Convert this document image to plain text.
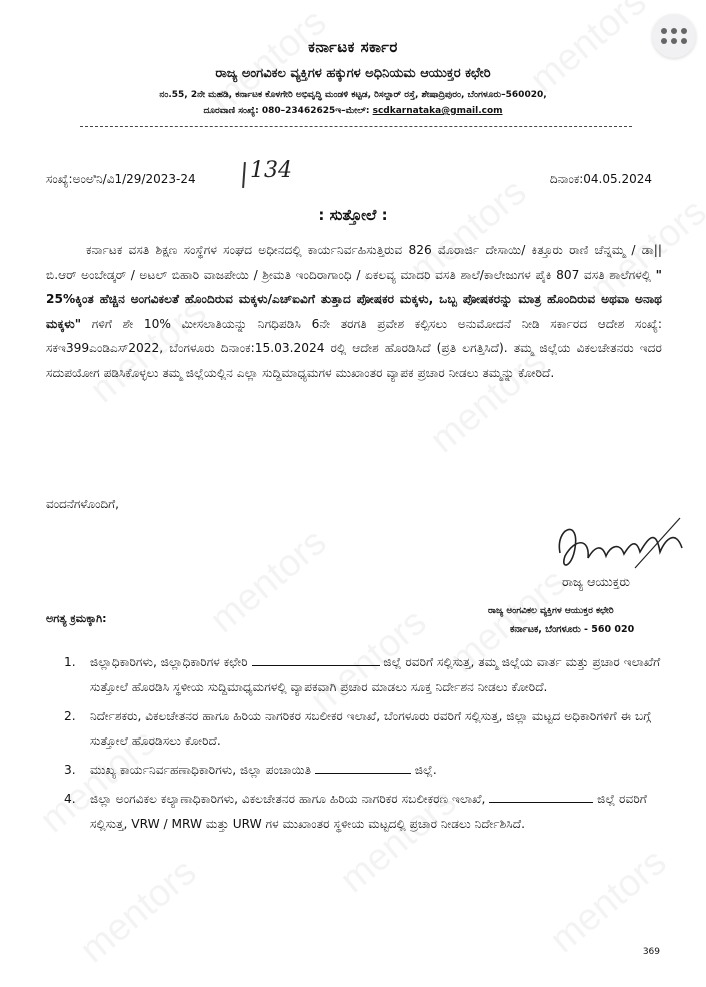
ಕರ್ನಾಟಕ ಸರ್ಕಾರ
ರಾಜ್ಯ ಅಂಗವಿಕಲ ವ್ಯಕ್ತಿಗಳ ಹಕ್ಕುಗಳ ಅಧಿನಿಯಮ ಆಯುಕ್ತರ ಕಛೇರಿ
ನಂ.55, 2ನೇ ಮಹಡಿ, ಕರ್ನಾಟಕ ಕೊಳಗೇರಿ ಅಭಿವೃದ್ಧಿ ಮಂಡಳಿ ಕಟ್ಟಡ, ರಿಸಲ್ದಾರ್ ರಸ್ತೆ, ಶೇಷಾದ್ರಿಪುರಂ, ಬೆಂಗಳೂರು–560020,
ದೂರವಾಣಿ ಸಂಖ್ಯೆ: 080–23462625ಇ–ಮೇಲ್: scdkarnataka@gmail.com
ಸಂಖ್ಯೆ:ಅಂಅಿನಿ/ವಿ1/29/2023-24 134	ದಿನಾಂಕ:04.05.2024
: ಸುತ್ತೋಲೆ :
ಕರ್ನಾಟಕ ವಸತಿ ಶಿಕ್ಷಣ ಸಂಸ್ಥೆಗಳ ಸಂಘದ ಅಧೀನದಲ್ಲಿ ಕಾರ್ಯನಿರ್ವಹಿಸುತ್ತಿರುವ 826 ಮೊರಾರ್ಜಿ ದೇಸಾಯಿ/ ಕಿತ್ತೂರು ರಾಣಿ ಚೆನ್ನಮ್ಮ / ಡಾ|| ಬಿ.ಆರ್ ಅಂಬೇಡ್ಕರ್ / ಅಟಲ್ ಬಿಹಾರಿ ವಾಜಪೇಯಿ / ಶ್ರೀಮತಿ ಇಂದಿರಾಗಾಂಧಿ / ಏಕಲವ್ಯ ಮಾದರಿ ವಸತಿ ಶಾಲೆ/ಕಾಲೇಜುಗಳ ಪೈಕಿ 807 ವಸತಿ ಶಾಲೆಗಳಲ್ಲಿ " 25%ಕ್ಕಿಂತ ಹೆಚ್ಚಿನ ಅಂಗವಿಕಲತೆ ಹೊಂದಿರುವ ಮಕ್ಕಳು/ಎಚ್‌ಐವಿಗೆ ತುತ್ತಾದ ಪೋಷಕರ ಮಕ್ಕಳು, ಒಬ್ಬ ಪೋಷಕರನ್ನು ಮಾತ್ರ ಹೊಂದಿರುವ ಅಥವಾ ಅನಾಥ ಮಕ್ಕಳು" ಗಳಿಗೆ ಶೇ 10% ಮೀಸಲಾತಿಯನ್ನು ನಿಗಧಿಪಡಿಸಿ 6ನೇ ತರಗತಿ ಪ್ರವೇಶ ಕಲ್ಪಿಸಲು ಅನುಮೋದನೆ ನೀಡಿ ಸರ್ಕಾರದ ಆದೇಶ ಸಂಖ್ಯೆ: ಸಕಇ399ಎಂಡಿಎಸ್2022, ಬೆಂಗಳೂರು ದಿನಾಂಕ:15.03.2024 ರಲ್ಲಿ ಆದೇಶ ಹೊರಡಿಸಿದೆ (ಪ್ರತಿ ಲಗತ್ತಿಸಿದೆ). ತಮ್ಮ ಜಿಲ್ಲೆಯ ವಿಕಲಚೇತನರು ಇದರ ಸದುಪಯೋಗ ಪಡಿಸಿಕೊಳ್ಳಲು ತಮ್ಮ ಜಿಲ್ಲೆಯಲ್ಲಿನ ಎಲ್ಲಾ ಸುದ್ದಿಮಾಧ್ಯಮಗಳ ಮುಖಾಂತರ ವ್ಯಾಪಕ ಪ್ರಚಾರ ನೀಡಲು ತಮ್ಮನ್ನು ಕೋರಿದೆ.
ವಂದನೆಗಳೊಂದಿಗೆ,
ರಾಜ್ಯ ಆಯುಕ್ತರು
ರಾಜ್ಯ ಅಂಗವಿಕಲ ವ್ಯಕ್ತಿಗಳ ಆಯುಕ್ತರ ಕಛೇರಿ
ಕರ್ನಾಟಕ, ಬೆಂಗಳೂರು - 560 020
ಅಗತ್ಯ ಕ್ರಮಕ್ಕಾಗಿ:
1. ಜಿಲ್ಲಾಧಿಕಾರಿಗಳು, ಜಿಲ್ಲಾಧಿಕಾರಿಗಳ ಕಛೇರಿ	ಜಿಲ್ಲೆ ರವರಿಗೆ ಸಲ್ಲಿಸುತ್ತ, ತಮ್ಮ ಜಿಲ್ಲೆಯ ವಾರ್ತ ಮತ್ತು ಪ್ರಚಾರ ಇಲಾಖೆಗೆ ಸುತ್ತೋಲೆ ಹೊರಡಿಸಿ ಸ್ಥಳೀಯ ಸುದ್ದಿಮಾಧ್ಯಮಗಳಲ್ಲಿ ವ್ಯಾಪಕವಾಗಿ ಪ್ರಚಾರ ಮಾಡಲು ಸೂಕ್ತ ನಿರ್ದೇಶನ ನೀಡಲು ಕೋರಿದೆ.
2. ನಿರ್ದೇಶಕರು, ವಿಕಲಚೇತನರ ಹಾಗೂ ಹಿರಿಯ ನಾಗರಿಕರ ಸಬಲೀಕರ ಇಲಾಖೆ, ಬೆಂಗಳೂರು ರವರಿಗೆ ಸಲ್ಲಿಸುತ್ತ, ಜಿಲ್ಲಾ ಮಟ್ಟದ ಅಧಿಕಾರಿಗಳಿಗೆ ಈ ಬಗ್ಗೆ ಸುತ್ತೋಲೆ ಹೊರಡಿಸಲು ಕೋರಿದೆ.
3. ಮುಖ್ಯ ಕಾರ್ಯನಿರ್ವಹಣಾಧಿಕಾರಿಗಳು, ಜಿಲ್ಲಾ ಪಂಚಾಯಿತಿ	ಜಿಲ್ಲೆ.
4. ಜಿಲ್ಲಾ ಅಂಗವಿಕಲ ಕಲ್ಯಾಣಾಧಿಕಾರಿಗಳು, ವಿಕಲಚೇತನರ ಹಾಗೂ ಹಿರಿಯ ನಾಗರಿಕರ ಸಬಲೀಕರಣ ಇಲಾಖೆ,	ಜಿಲ್ಲೆ ರವರಿಗೆ ಸಲ್ಲಿಸುತ್ತ, VRW / MRW ಮತ್ತು URW ಗಳ ಮುಖಾಂತರ ಸ್ಥಳೀಯ ಮಟ್ಟದಲ್ಲಿ ಪ್ರಚಾರ ನೀಡಲು ನಿರ್ದೇಶಿಸಿದೆ.
369
